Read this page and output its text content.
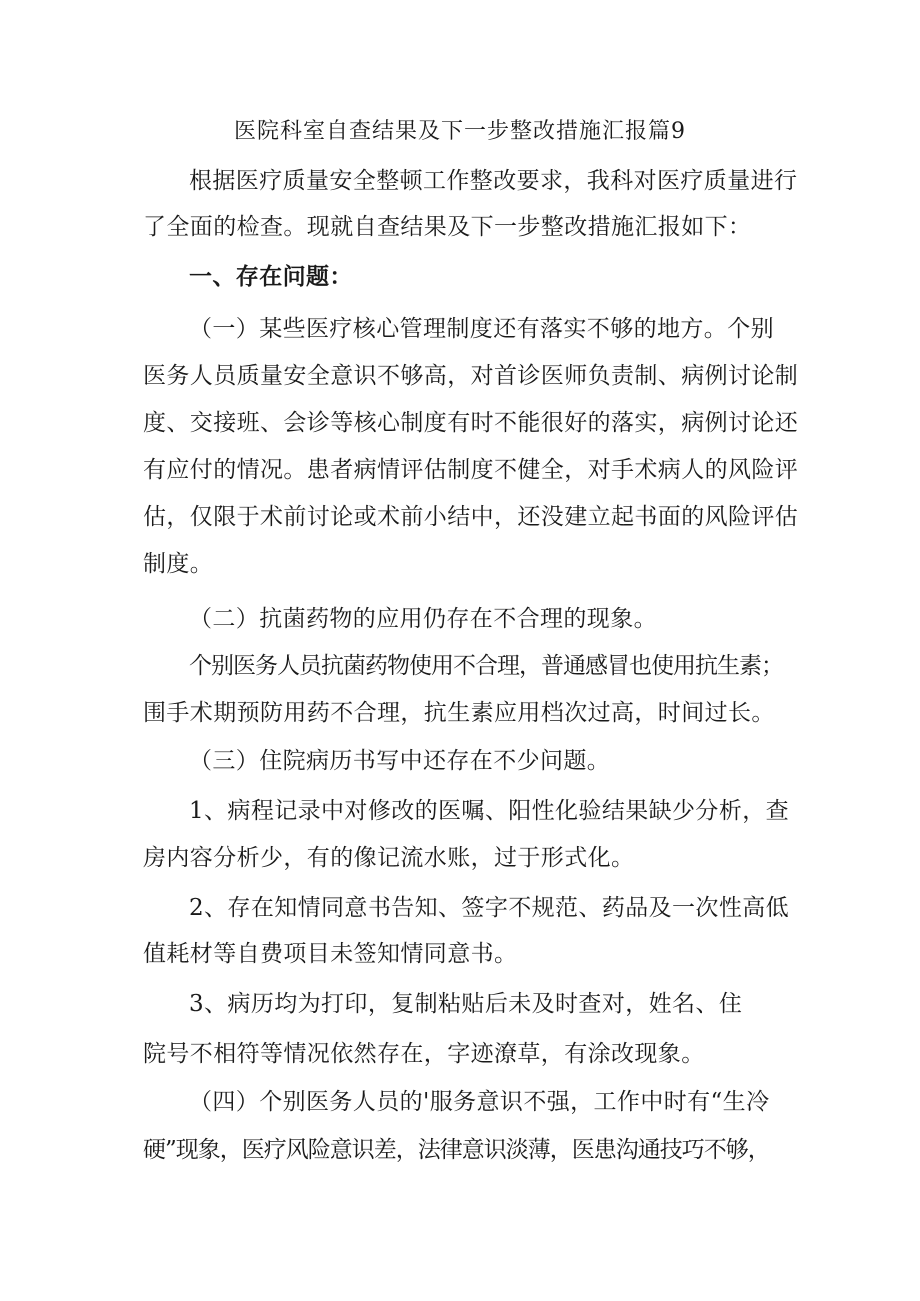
医院科室自查结果及下一步整改措施汇报篇9
根据医疗质量安全整顿工作整改要求，我科对医疗质量进行
了全面的检查。现就自查结果及下一步整改措施汇报如下：
一、存在问题：
（一）某些医疗核心管理制度还有落实不够的地方。个别
医务人员质量安全意识不够高，对首诊医师负责制、病例讨论制
度、交接班、会诊等核心制度有时不能很好的落实，病例讨论还
有应付的情况。患者病情评估制度不健全，对手术病人的风险评
估，仅限于术前讨论或术前小结中，还没建立起书面的风险评估
制度。
（二）抗菌药物的应用仍存在不合理的现象。
个别医务人员抗菌药物使用不合理，普通感冒也使用抗生素；
围手术期预防用药不合理，抗生素应用档次过高，时间过长。
（三）住院病历书写中还存在不少问题。
1、病程记录中对修改的医嘱、阳性化验结果缺少分析，查
房内容分析少，有的像记流水账，过于形式化。
2、存在知情同意书告知、签字不规范、药品及一次性高低
值耗材等自费项目未签知情同意书。
3、病历均为打印，复制粘贴后未及时查对，姓名、住
院号不相符等情况依然存在，字迹潦草，有涂改现象。
（四）个别医务人员的'服务意识不强，工作中时有“生冷
硬”现象，医疗风险意识差，法律意识淡薄，医患沟通技巧不够，
